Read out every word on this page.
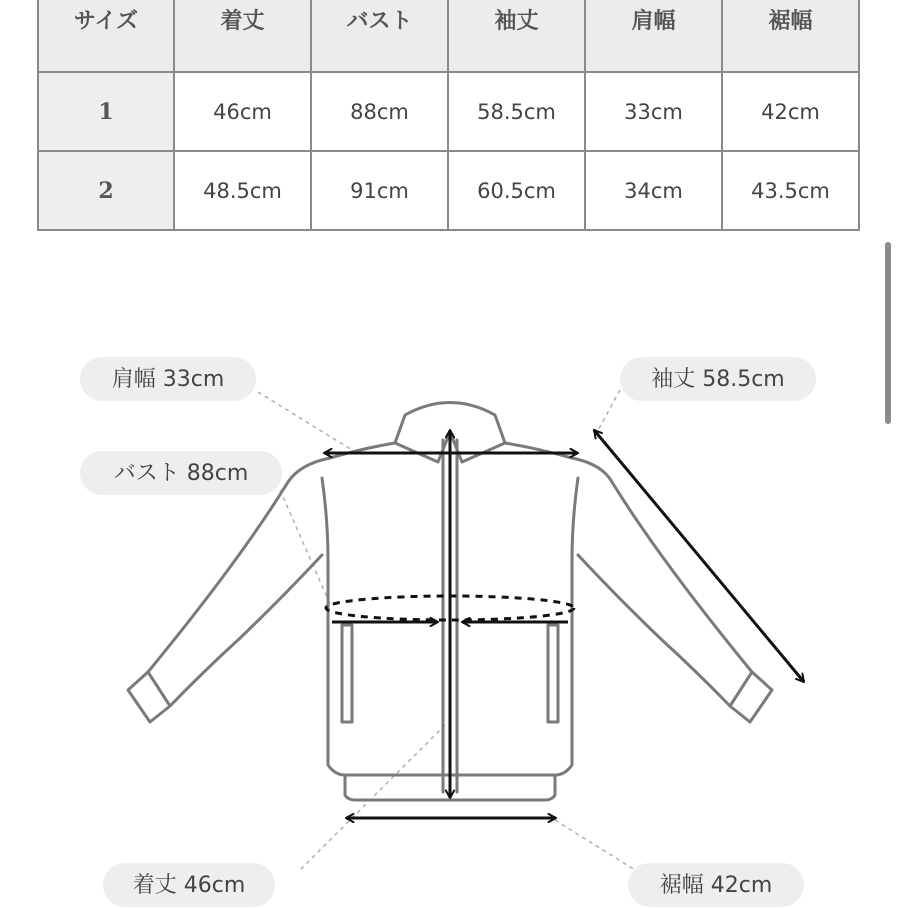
サイズ	着丈	バスト	袖丈	肩幅	裾幅
1	46cm	88cm	58.5cm	33cm	42cm
2	48.5cm	91cm	60.5cm	34cm	43.5cm
肩幅 33cm
バスト 88cm
袖丈 58.5cm
着丈 46cm	裾幅 42cm
